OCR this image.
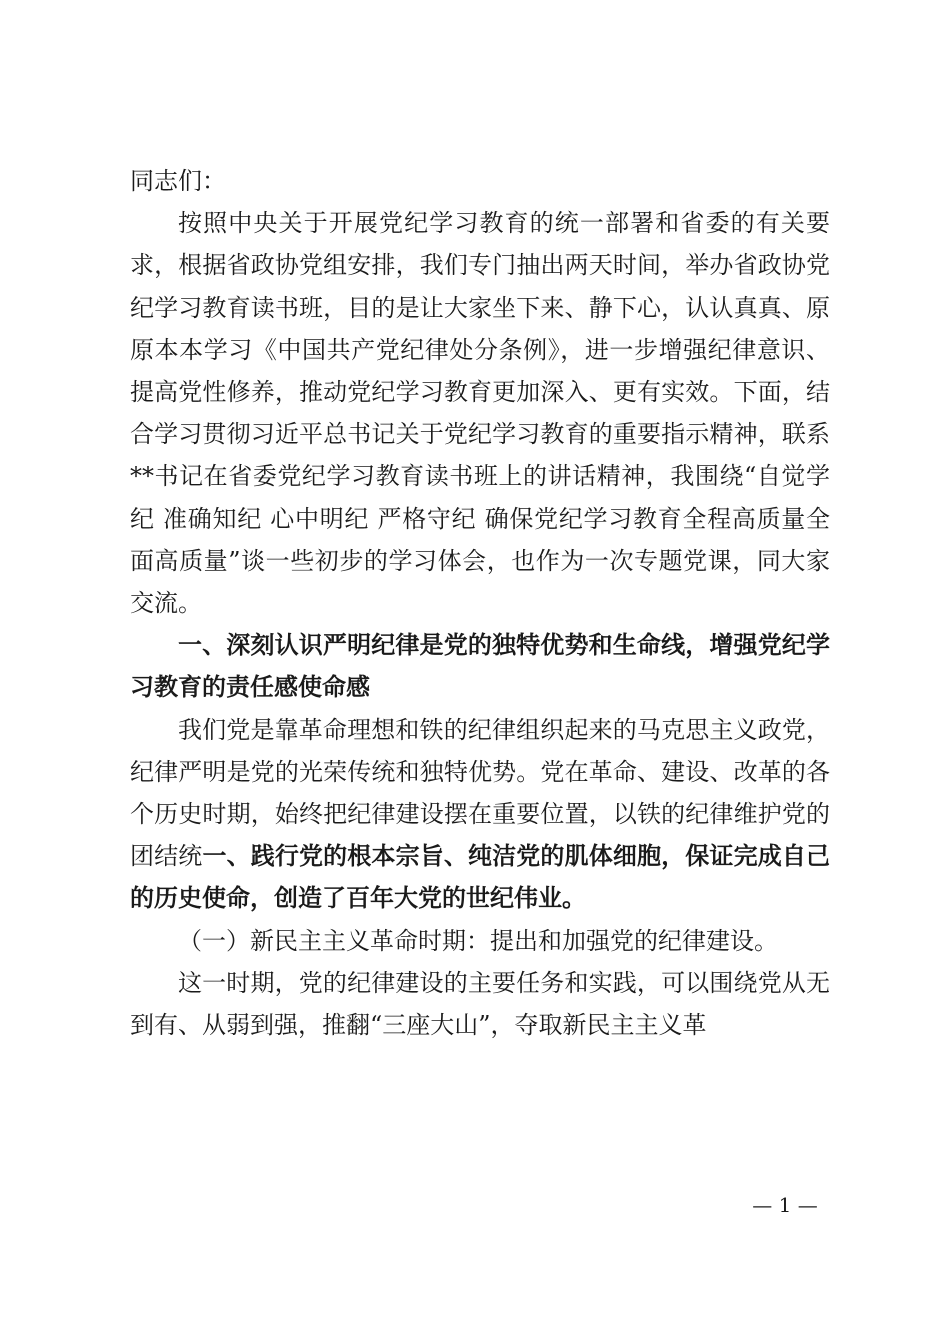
同志们：

按照中央关于开展党纪学习教育的统一部署和省委的有关要求，根据省政协党组安排，我们专门抽出两天时间，举办省政协党纪学习教育读书班，目的是让大家坐下来、静下心，认认真真、原原本本学习《中国共产党纪律处分条例》，进一步增强纪律意识、提高党性修养，推动党纪学习教育更加深入、更有实效。下面，结合学习贯彻习近平总书记关于党纪学习教育的重要指示精神，联系**书记在省委党纪学习教育读书班上的讲话精神，我围绕“自觉学纪 准确知纪 心中明纪 严格守纪 确保党纪学习教育全程高质量全面高质量”谈一些初步的学习体会，也作为一次专题党课，同大家交流。

一、深刻认识严明纪律是党的独特优势和生命线，增强党纪学习教育的责任感使命感

我们党是靠革命理想和铁的纪律组织起来的马克思主义政党，纪律严明是党的光荣传统和独特优势。党在革命、建设、改革的各个历史时期，始终把纪律建设摆在重要位置，以铁的纪律维护党的团结统一、践行党的根本宗旨、纯洁党的肌体细胞，保证完成自己的历史使命，创造了百年大党的世纪伟业。

（一）新民主主义革命时期：提出和加强党的纪律建设。

这一时期，党的纪律建设的主要任务和实践，可以围绕党从无到有、从弱到强，推翻“三座大山”，夺取新民主主义革

— 1 —
